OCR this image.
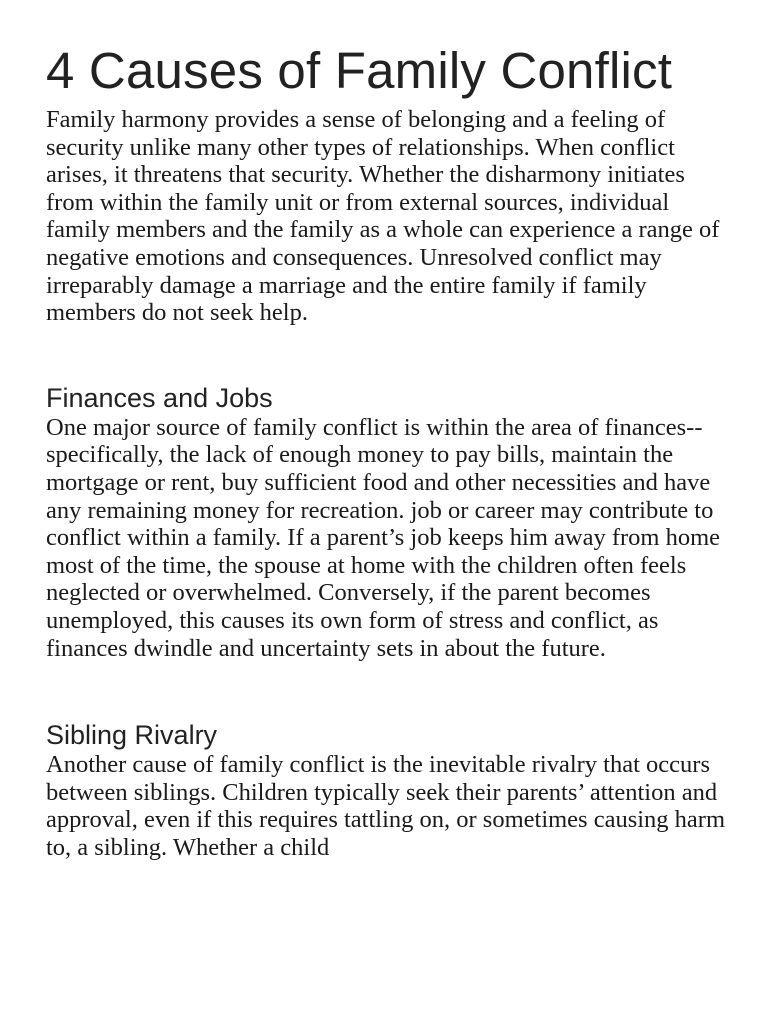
4 Causes of Family Conflict

Family harmony provides a sense of belonging and a feeling of security unlike many other types of relationships. When conflict arises, it threatens that security. Whether the disharmony initiates from within the family unit or from external sources, individual family members and the family as a whole can experience a range of negative emotions and consequences. Unresolved conflict may irreparably damage a marriage and the entire family if family members do not seek help.

Finances and Jobs

One major source of family conflict is within the area of finances--specifically, the lack of enough money to pay bills, maintain the mortgage or rent, buy sufficient food and other necessities and have any remaining money for recreation. job or career may contribute to conflict within a family. If a parent’s job keeps him away from home most of the time, the spouse at home with the children often feels neglected or overwhelmed. Conversely, if the parent becomes unemployed, this causes its own form of stress and conflict, as finances dwindle and uncertainty sets in about the future.

Sibling Rivalry

Another cause of family conflict is the inevitable rivalry that occurs between siblings. Children typically seek their parents’ attention and approval, even if this requires tattling on, or sometimes causing harm to, a sibling. Whether a child
